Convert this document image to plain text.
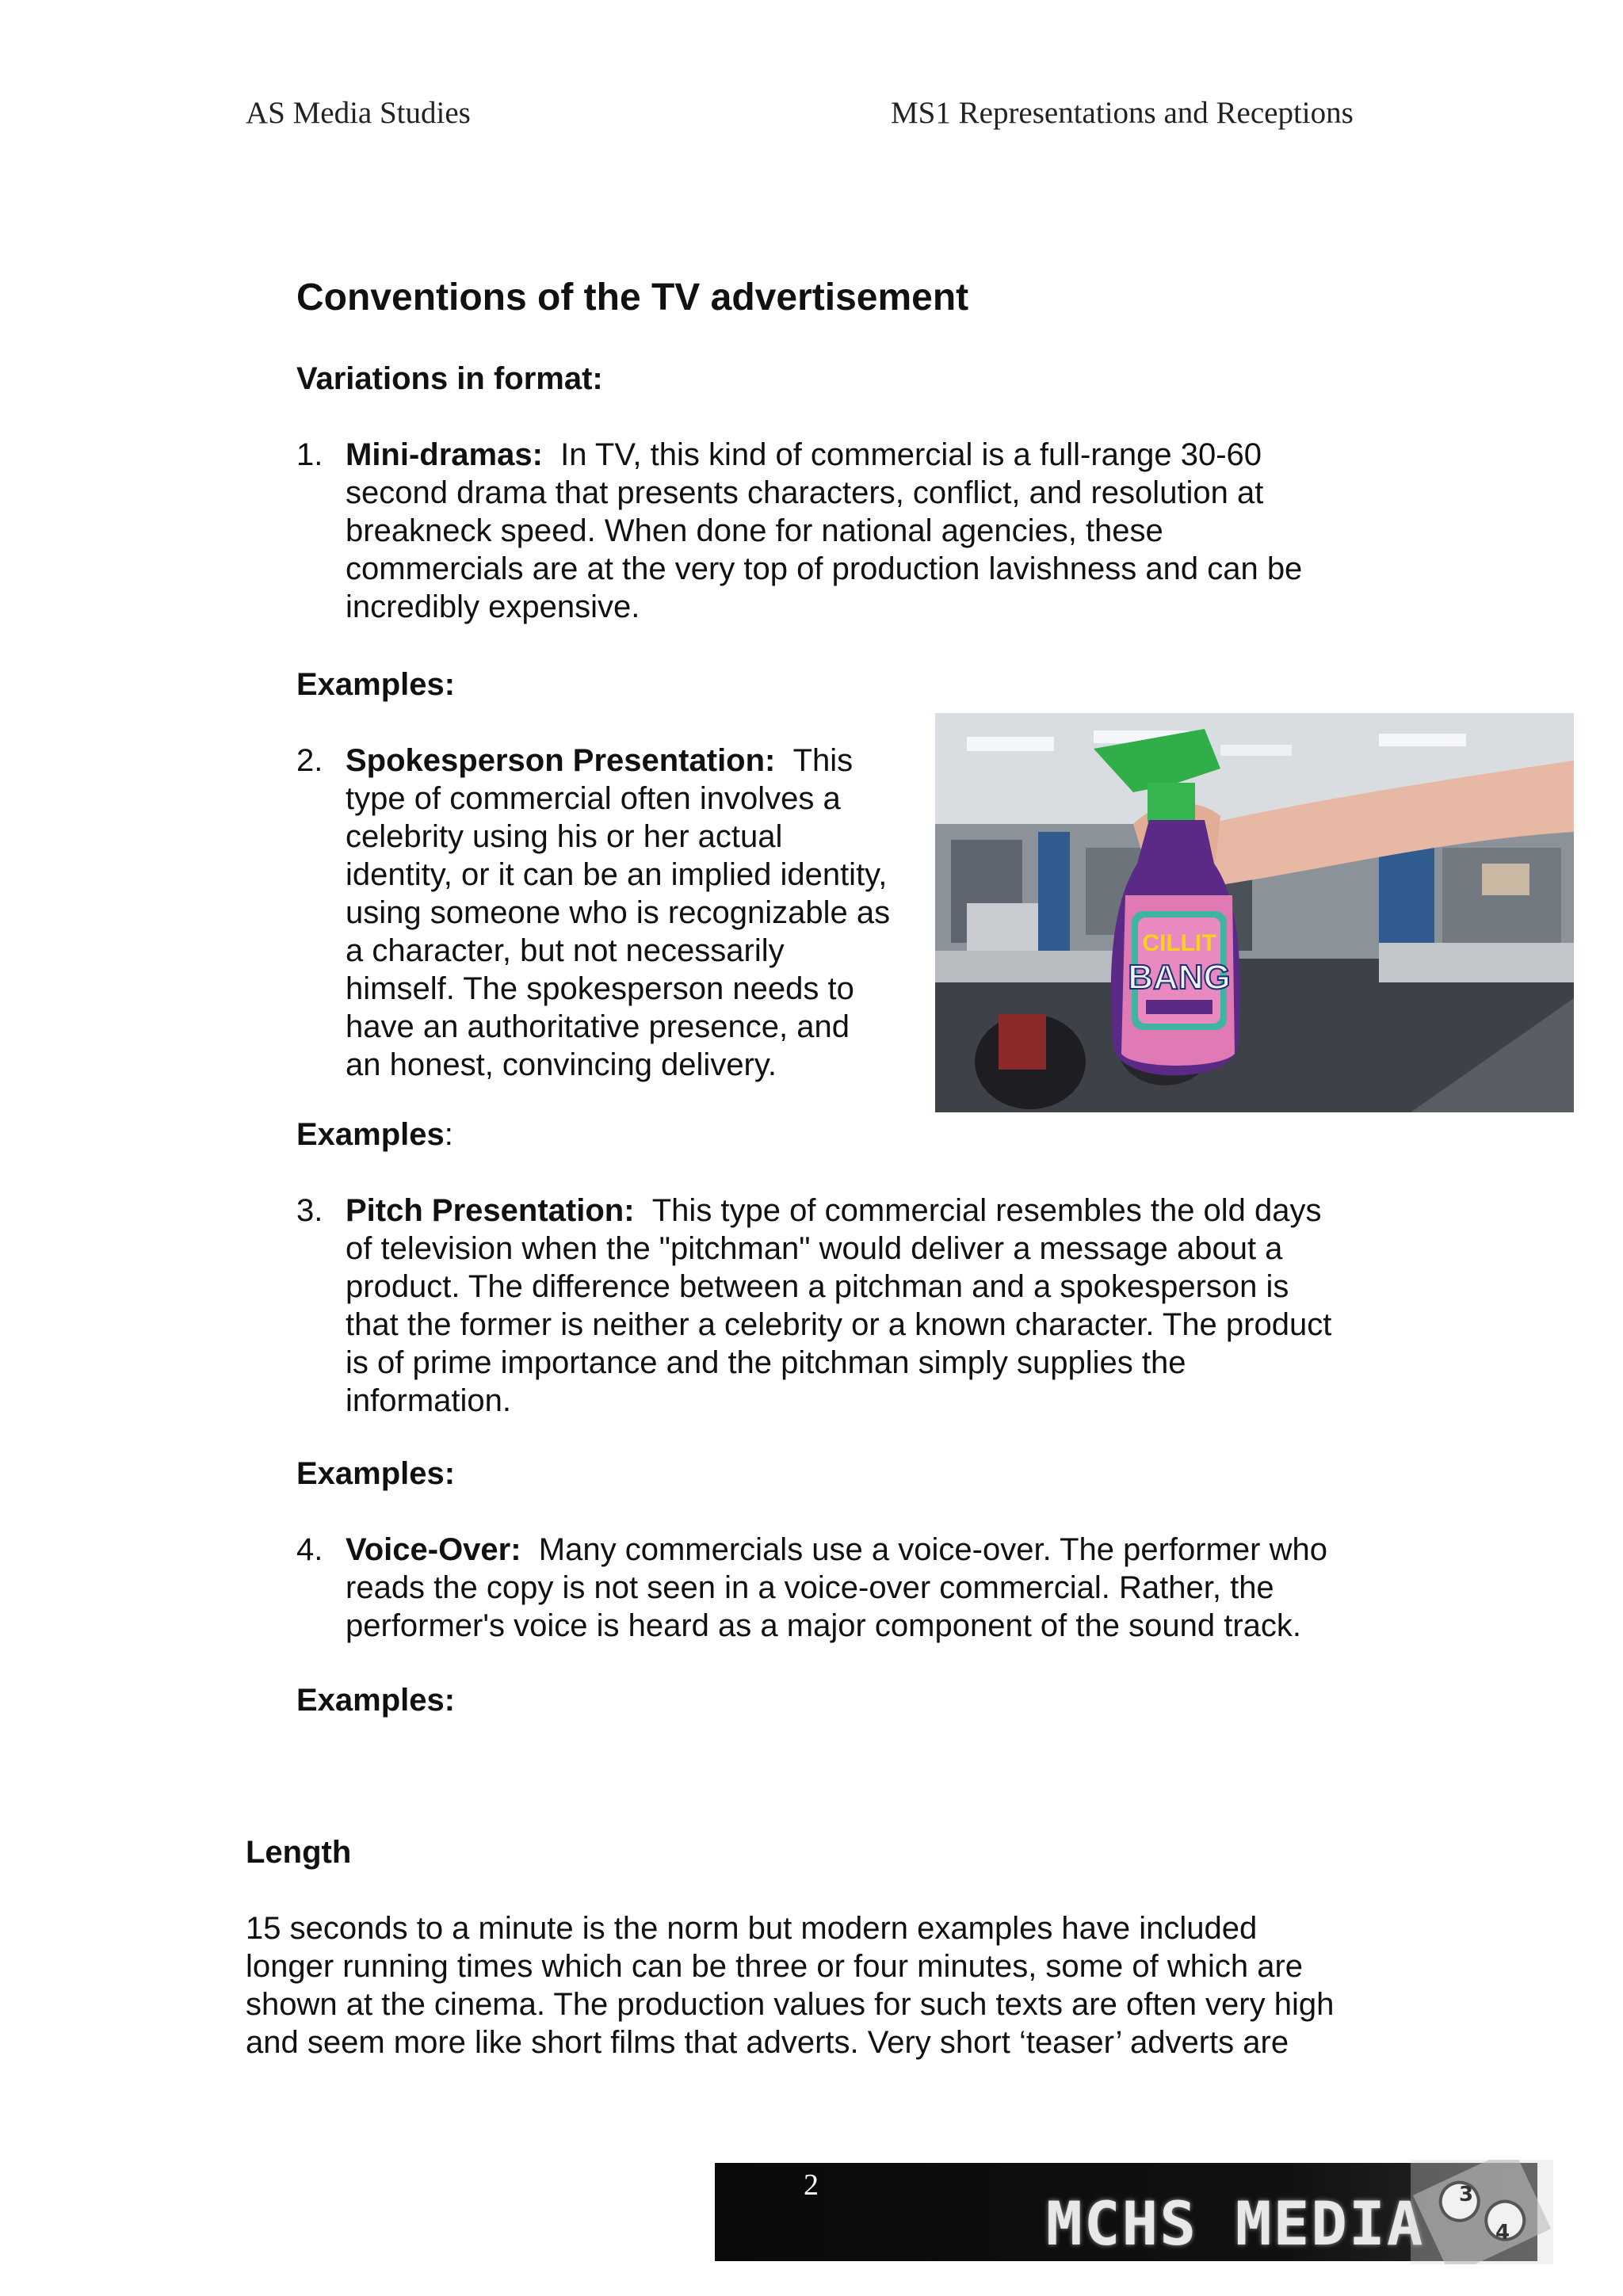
AS Media Studies	MS1 Representations and Receptions
Conventions of the TV advertisement
Variations in format:
1. Mini-dramas: In TV, this kind of commercial is a full-range 30-60
second drama that presents characters, conflict, and resolution at
breakneck speed. When done for national agencies, these
commercials are at the very top of production lavishness and can be
incredibly expensive.
Examples:
2. Spokesperson Presentation: This
type of commercial often involves a
celebrity using his or her actual
identity, or it can be an implied identity,
using someone who is recognizable as
a character, but not necessarily
himself. The spokesperson needs to
have an authoritative presence, and
an honest, convincing delivery.
CILLIT
BANG
Examples:
3. Pitch Presentation: This type of commercial resembles the old days
of television when the "pitchman" would deliver a message about a
product. The difference between a pitchman and a spokesperson is
that the former is neither a celebrity or a known character. The product
is of prime importance and the pitchman simply supplies the
information.
Examples:
4. Voice-Over: Many commercials use a voice-over. The performer who
reads the copy is not seen in a voice-over commercial. Rather, the
performer's voice is heard as a major component of the sound track.
Examples:
Length
15 seconds to a minute is the norm but modern examples have included
longer running times which can be three or four minutes, some of which are
shown at the cinema. The production values for such texts are often very high
and seem more like short films that adverts. Very short ‘teaser’ adverts are
2
MCHS MEDIA 3
4
